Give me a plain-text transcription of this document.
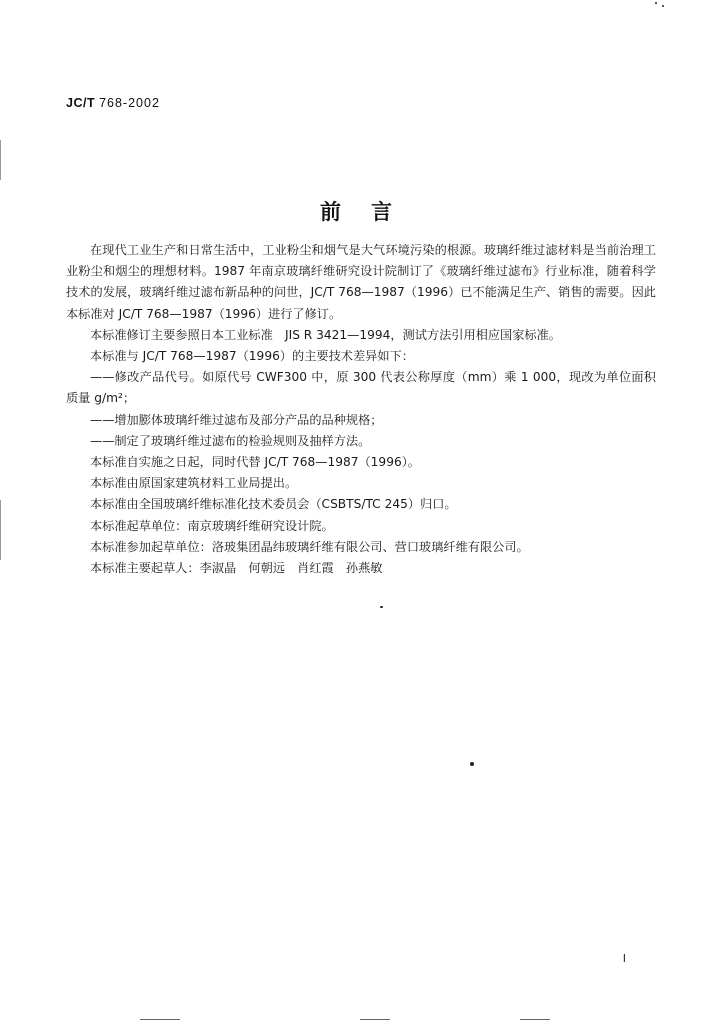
JC/T 768-2002
前言

在现代工业生产和日常生活中，工业粉尘和烟气是大气环境污染的根源。玻璃纤维过滤材料是当前治理工业粉尘和烟尘的理想材料。1987 年南京玻璃纤维研究设计院制订了《玻璃纤维过滤布》行业标准，随着科学技术的发展，玻璃纤维过滤布新品种的问世，JC/T 768—1987（1996）已不能满足生产、销售的需要。因此本标准对 JC/T 768—1987（1996）进行了修订。

本标准修订主要参照日本工业标准　JIS R 3421—1994，测试方法引用相应国家标准。

本标准与 JC/T 768—1987（1996）的主要技术差异如下：

——修改产品代号。如原代号 CWF300 中，原 300 代表公称厚度（mm）乘 1 000，现改为单位面积质量 g/m²；

——增加膨体玻璃纤维过滤布及部分产品的品种规格；

——制定了玻璃纤维过滤布的检验规则及抽样方法。

本标准自实施之日起，同时代替 JC/T 768—1987（1996）。

本标准由原国家建筑材料工业局提出。

本标准由全国玻璃纤维标准化技术委员会（CSBTS/TC 245）归口。

本标准起草单位：南京玻璃纤维研究设计院。

本标准参加起草单位：洛玻集团晶纬玻璃纤维有限公司、营口玻璃纤维有限公司。

本标准主要起草人：李淑晶　何朝远　肖红霞　孙燕敏

I
